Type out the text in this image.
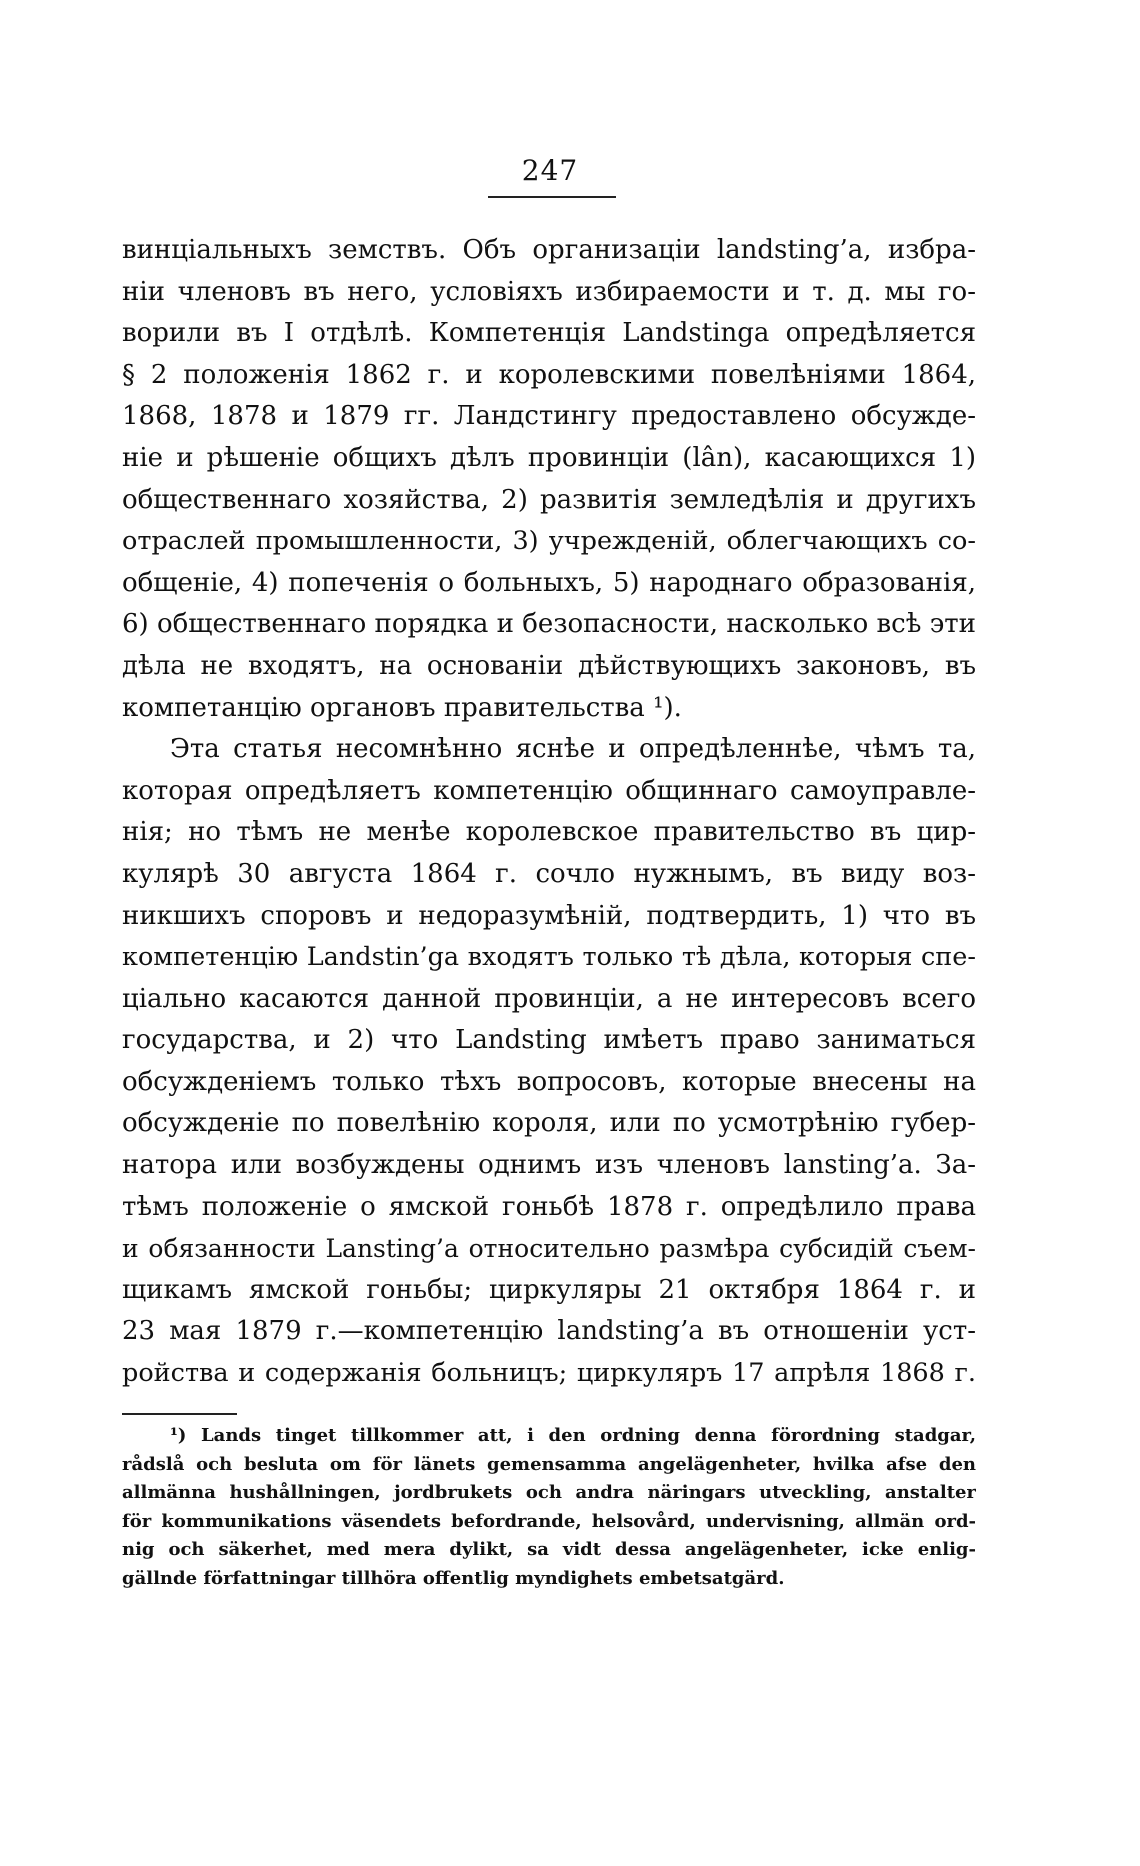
247
винціальныхъ земствъ. Объ организаціи landsting’a, избра-
ніи членовъ въ него, условіяхъ избираемости и т. д. мы го-
ворили въ I отдѣлѣ. Компетенція Landstinga опредѣляется
§ 2 положенія 1862 г. и королевскими повелѣніями 1864,
1868, 1878 и 1879 гг. Ландстингу предоставлено обсужде-
ніе и рѣшеніе общихъ дѣлъ провинціи (lân), касающихся 1)
общественнаго хозяйства, 2) развитія земледѣлія и другихъ
отраслей промышленности, 3) учрежденій, облегчающихъ со-
общеніе, 4) попеченія о больныхъ, 5) народнаго образованія,
6) общественнаго порядка и безопасности, насколько всѣ эти
дѣла не входятъ, на основаніи дѣйствующихъ законовъ, въ
компетанцію органовъ правительства ¹).
Эта статья несомнѣнно яснѣе и опредѣленнѣе, чѣмъ та,
которая опредѣляетъ компетенцію общиннаго самоуправле-
нія; но тѣмъ не менѣе королевское правительство въ цир-
кулярѣ 30 августа 1864 г. сочло нужнымъ, въ виду воз-
никшихъ споровъ и недоразумѣній, подтвердить, 1) что въ
компетенцію Landstin’ga входятъ только тѣ дѣла, которыя спе-
ціально касаются данной провинціи, а не интересовъ всего
государства, и 2) что Landsting имѣетъ право заниматься
обсужденіемъ только тѣхъ вопросовъ, которые внесены на
обсужденіе по повелѣнію короля, или по усмотрѣнію губер-
натора или возбуждены однимъ изъ членовъ lansting’a. За-
тѣмъ положеніе о ямской гоньбѣ 1878 г. опредѣлило права
и обязанности Lansting’a относительно размѣра субсидій съем-
щикамъ ямской гоньбы; циркуляры 21 октября 1864 г. и
23 мая 1879 г.—компетенцію landsting’a въ отношеніи уст-
ройства и содержанія больницъ; циркуляръ 17 апрѣля 1868 г.
¹) Lands tinget tillkommer att, i den ordning denna förordning stadgar,
rådslå och besluta om för länets gemensamma angelägenheter, hvilka afse den
allmänna hushållningen, jordbrukets och andra näringars utveckling, anstalter
för kommunikations väsendets befordrande, helsovård, undervisning, allmän ord-
nig och säkerhet, med mera dylikt, sa vidt dessa angelägenheter, icke enlig-
gällnde författningar tillhöra offentlig myndighets embetsatgärd.
